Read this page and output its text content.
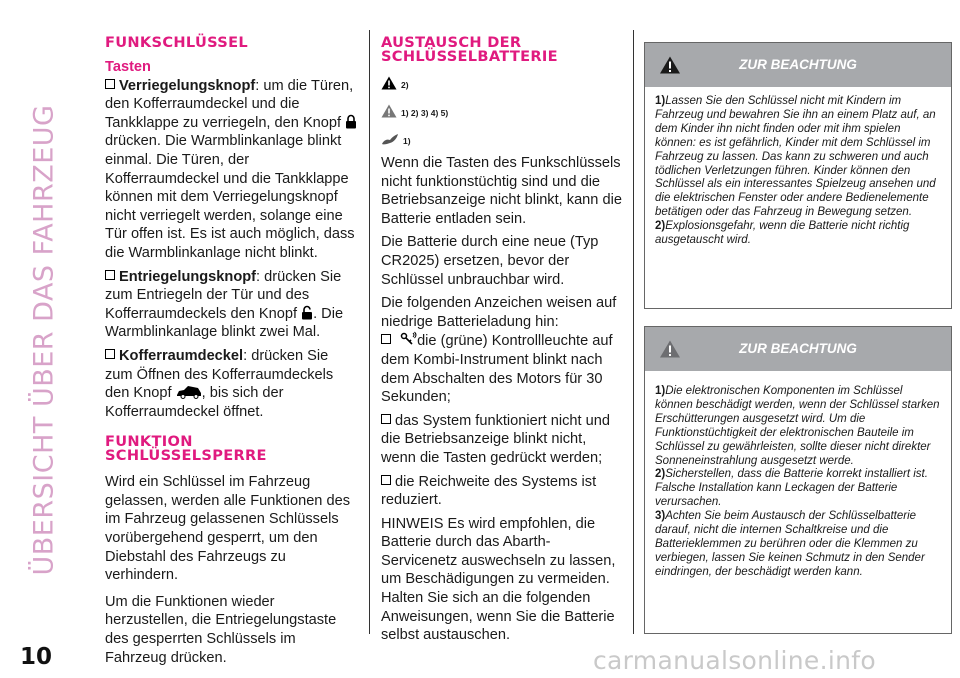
ÜBERSICHT ÜBER DAS FAHRZEUG
10	carmanualsonline.info
FUNKSCHLÜSSEL
Tasten

Verriegelungsknopf: um die Türen, den Kofferraumdeckel und die Tankklappe zu verriegeln, den Knopf  drücken. Die Warmblinkanlage blinkt einmal. Die Türen, der Kofferraumdeckel und die Tankklappe können mit dem Verriegelungsknopf nicht verriegelt werden, solange eine Tür offen ist. Es ist auch möglich, dass die Warmblinkanlage nicht blinkt.

Entriegelungsknopf: drücken Sie zum Entriegeln der Tür und des Kofferraumdeckels den Knopf . Die Warmblinkanlage blinkt zwei Mal.

Kofferraumdeckel: drücken Sie zum Öffnen des Kofferraumdeckels den Knopf , bis sich der Kofferraumdeckel öffnet.

FUNKTION
SCHLÜSSELSPERRE

Wird ein Schlüssel im Fahrzeug gelassen, werden alle Funktionen des im Fahrzeug gelassenen Schlüssels vorübergehend gesperrt, um den Diebstahl des Fahrzeugs zu verhindern.

Um die Funktionen wieder herzustellen, die Entriegelungstaste des gesperrten Schlüssels im Fahrzeug drücken.

AUSTAUSCH DER
SCHLÜSSELBATTERIE
2)
1) 2) 3) 4) 5)
1)

Wenn die Tasten des Funkschlüssels nicht funktionstüchtig sind und die Betriebsanzeige nicht blinkt, kann die Batterie entladen sein.

Die Batterie durch eine neue (Typ CR2025) ersetzen, bevor der Schlüssel unbrauchbar wird.

Die folgenden Anzeichen weisen auf niedrige Batterieladung hin:

die (grüne) Kontrollleuchte auf dem Kombi-Instrument blinkt nach dem Abschalten des Motors für 30 Sekunden;

das System funktioniert nicht und die Betriebsanzeige blinkt nicht, wenn die Tasten gedrückt werden;

die Reichweite des Systems ist reduziert.

HINWEIS Es wird empfohlen, die Batterie durch das Abarth-Servicenetz auswechseln zu lassen, um Beschädigungen zu vermeiden. Halten Sie sich an die folgenden Anweisungen, wenn Sie die Batterie selbst austauschen.

ZUR BEACHTUNG

1)Lassen Sie den Schlüssel nicht mit Kindern im Fahrzeug und bewahren Sie ihn an einem Platz auf, an dem Kinder ihn nicht finden oder mit ihm spielen können: es ist gefährlich, Kinder mit dem Schlüssel im Fahrzeug zu lassen. Das kann zu schweren und auch tödlichen Verletzungen führen. Kinder können den Schlüssel als ein interessantes Spielzeug ansehen und die elektrischen Fenster oder andere Bedienelemente betätigen oder das Fahrzeug in Bewegung setzen.

2)Explosionsgefahr, wenn die Batterie nicht richtig ausgetauscht wird.

ZUR BEACHTUNG

1)Die elektronischen Komponenten im Schlüssel können beschädigt werden, wenn der Schlüssel starken Erschütterungen ausgesetzt wird. Um die Funktionstüchtigkeit der elektronischen Bauteile im Schlüssel zu gewährleisten, sollte dieser nicht direkter Sonneneinstrahlung ausgesetzt werde.

2)Sicherstellen, dass die Batterie korrekt installiert ist. Falsche Installation kann Leckagen der Batterie verursachen.

3)Achten Sie beim Austausch der Schlüsselbatterie darauf, nicht die internen Schaltkreise und die Batterieklemmen zu berühren oder die Klemmen zu verbiegen, lassen Sie keinen Schmutz in den Sender eindringen, der beschädigt werden kann.
